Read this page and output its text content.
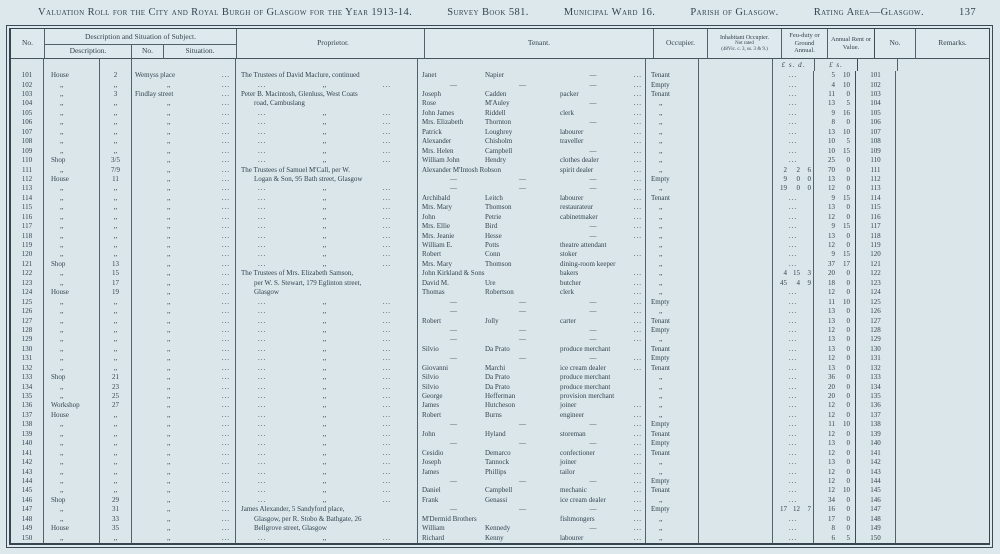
Valuation Roll for the City and Royal Burgh of Glasgow for the Year 1913-14.	Survey Book 581.	Municipal Ward 16.	Parish of Glasgow.	Rating Area—Glasgow.	137
No.
Description and Situation of Subject.
Description.	No.	Situation.
Proprietor.	Tenant.	Occupier.
Inhabitant Occupier.
Not rated
(48Vic. c. 3, ss. 3 & 9.)
Feu-duty or Ground Annual.
Annual Rent or Value.	No.	Remarks.
£ s. d.	£ s.
101	House	2	Wemyss place	...	The Trustees of David Maclure, continued	Janet	Napier	—	...	Tenant	...	5	10	101
102	,,	,,	,,	...	...	,,	...	—	—	—	...	Empty	...	4	10	102
103	,,	3	Findlay street	...	Peter B. Macintosh, Glenluss, West Coats	Joseph	Cadden	packer	...	Tenant	...	11	0	103
104	,,	,,	,,	...	road, Cambuslang	Rose	M'Auley	—	...	,,	...	13	5	104
105	,,	,,	,,	...	...	,,	...	John James	Riddell	clerk	...	,,	...	9	16	105
106	,,	,,	,,	...	...	,,	...	Mrs. Elizabeth	Thornton	—	...	,,	...	8	0	106
107	,,	,,	,,	...	...	,,	...	Patrick	Loughrey	labourer	...	,,	...	13	10	107
108	,,	,,	,,	...	...	,,	...	Alexander	Chisholm	traveller	...	,,	...	10	5	108
109	,,	,,	,,	...	...	,,	...	Mrs. Helen	Campbell	—	...	,,	...	10	15	109
110	Shop	3/5	,,	...	...	,,	...	William John	Hendry	clothes dealer	...	,,	...	25	0	110
111	,,	7/9	,,	...	The Trustees of Samuel M'Call, per W.	Alexander M'Intosh Robson	spirit dealer	...	,,	2	2	6	70	0	111
112	House	11	,,	...	Logan & Son, 95 Bath street, Glasgow	—	—	—	...	Empty	9	0	0	13	0	112
113	,,	,,	,,	...	...	,,	...	—	—	—	...	,,	19	0	0	12	0	113
114	,,	,,	,,	...	...	,,	...	Archibald	Leitch	labourer	...	Tenant	...	9	15	114
115	,,	,,	,,	...	...	,,	...	Mrs. Mary	Thomson	restaurateur	...	,,	...	13	0	115
116	,,	,,	,,	...	...	,,	...	John	Petrie	cabinetmaker	...	,,	...	12	0	116
117	,,	,,	,,	...	...	,,	...	Mrs. Ellie	Bird	—	...	,,	...	9	15	117
118	,,	,,	,,	...	...	,,	...	Mrs. Jeanie	Hesse	—	...	,,	...	13	0	118
119	,,	,,	,,	...	...	,,	...	William E.	Potts	theatre attendant	,,	...	12	0	119
120	,,	,,	,,	...	...	,,	...	Robert	Conn	stoker	...	,,	...	9	15	120
121	Shop	13	,,	...	...	,,	...	Mrs. Mary	Thomson	dining-room keeper	,,	...	37	17	121
122	,,	15	,,	...	The Trustees of Mrs. Elizabeth Samson,	John Kirkland & Sons	bakers	...	,,	4 15	3	20	0	122
123	,,	17	,,	...	per W. S. Stewart, 179 Eglinton street,	David M.	Ure	butcher	...	,,	45	4	9	18	0	123
124	House	19	,,	...	Glasgow	Thomas	Robertson	clerk	...	,,	...	12	0	124
125	,,	,,	,,	...	...	,,	...	—	—	—	...	Empty	...	11	10	125
126	,,	,,	,,	...	...	,,	...	—	—	—	...	,,	...	13	0	126
127	,,	,,	,,	...	...	,,	...	Robert	Jolly	carter	...	Tenant	...	13	0	127
128	,,	,,	,,	...	...	,,	...	—	—	—	...	Empty	...	12	0	128
129	,,	,,	,,	...	...	,,	...	—	—	—	...	,,	...	13	0	129
130	,,	,,	,,	...	...	,,	...	Silvio	Da Prato	produce merchant	Tenant	...	13	0	130
131	,,	,,	,,	...	...	,,	...	—	—	—	...	Empty	...	12	0	131
132	,,	,,	,,	...	...	,,	...	Giovanni	Marchi	ice cream dealer	...	Tenant	...	13	0	132
133	Shop	21	,,	...	...	,,	...	Silvio	Da Prato	produce merchant	,,	...	36	0	133
134	,,	23	,,	...	...	,,	...	Silvio	Da Prato	produce merchant	,,	...	20	0	134
135	,,	25	,,	...	...	,,	...	George	Hefferman	provision merchant	,,	...	20	0	135
136	Workshop	27	,,	...	...	,,	...	James	Hutcheson	joiner	...	,,	...	12	0	136
137	House	,,	,,	...	...	,,	...	Robert	Burns	engineer	...	,,	...	12	0	137
138	,,	,,	,,	...	...	,,	...	—	—	—	...	Empty	...	11	10	138
139	,,	,,	,,	...	...	,,	...	John	Hyland	storeman	...	Tenant	...	12	0	139
140	,,	,,	,,	...	...	,,	...	—	—	—	...	Empty	...	13	0	140
141	,,	,,	,,	...	...	,,	...	Cesidio	Demarco	confectioner	...	Tenant	...	12	0	141
142	,,	,,	,,	...	...	,,	...	Joseph	Tannock	joiner	...	,,	...	13	0	142
143	,,	,,	,,	...	...	,,	...	James	Phillips	tailor	...	,,	...	12	0	143
144	,,	,,	,,	...	...	,,	...	—	—	—	...	Empty	...	12	0	144
145	,,	,,	,,	...	...	,,	...	Daniel	Campbell	mechanic	...	Tenant	...	12	10	145
146	Shop	29	,,	...	...	,,	...	Frank	Genassi	ice cream dealer	...	,,	...	34	0	146
147	,,	31	,,	...	James Alexander, 5 Sandyford place,	—	—	—	...	Empty	17 12	7	16	0	147
148	,,	33	,,	...	Glasgow, per R. Stobo & Bathgate, 26	M'Dermid Brothers	fishmongers	...	,,	...	17	0	148
149	House	35	,,	...	Bellgrove street, Glasgow	William	Kennedy	—	...	,,	...	8	0	149
150	,,	,,	,,	...	...	,,	...	Richard	Kenny	labourer	...	,,	...	6	5	150
